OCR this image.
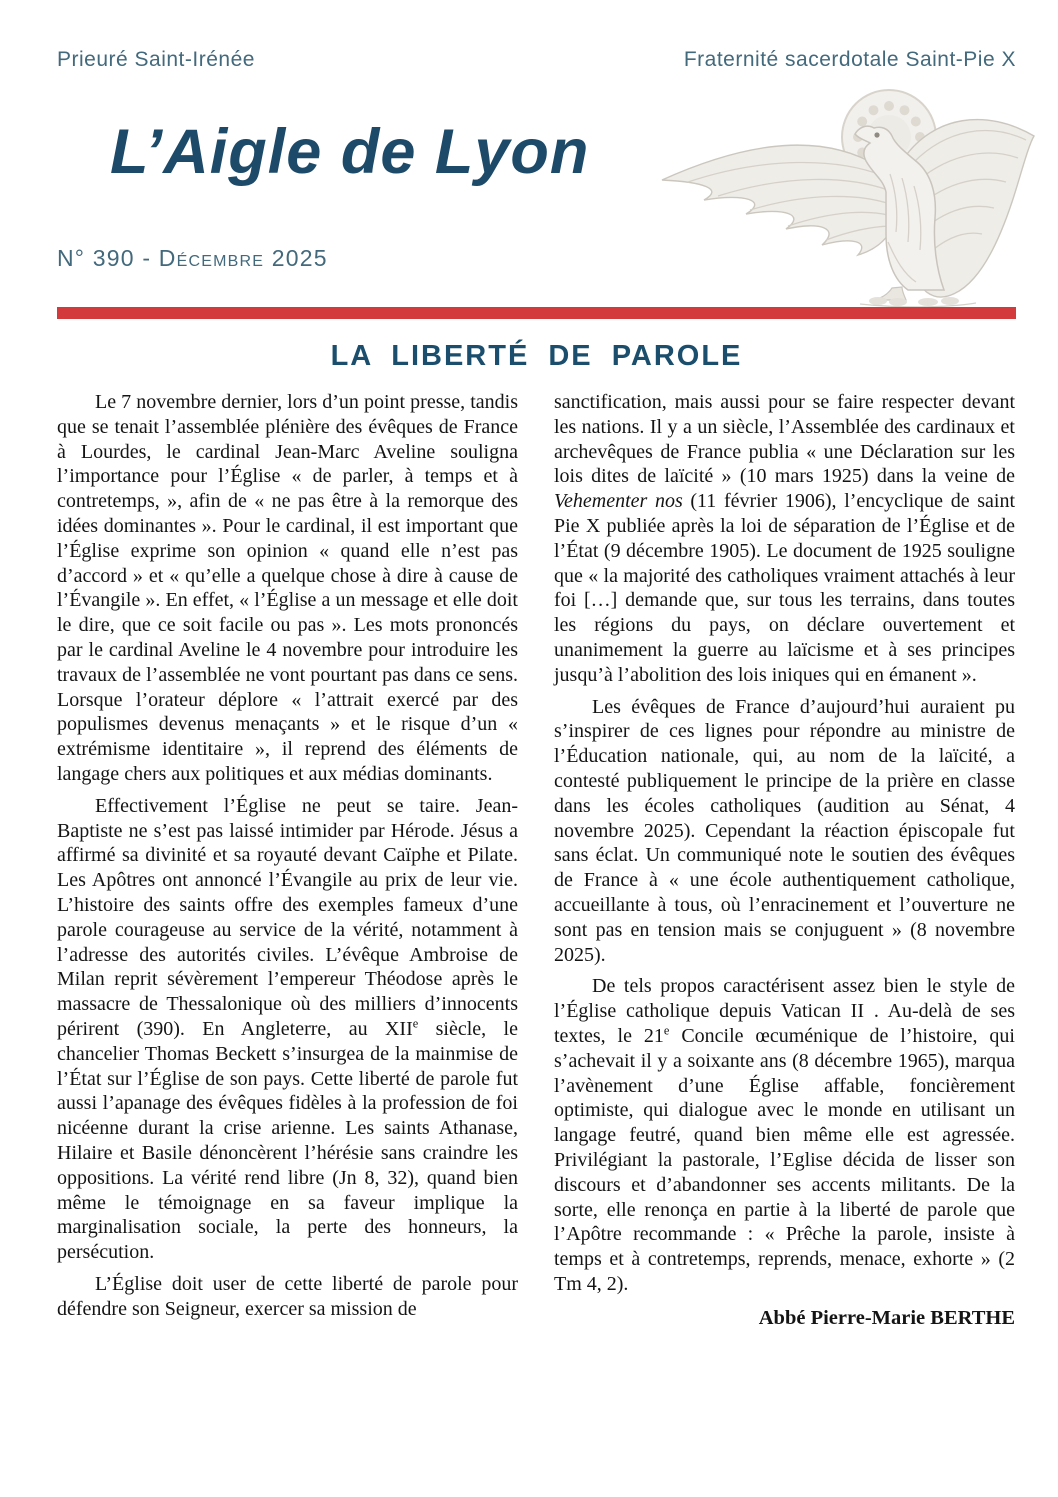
Prieuré Saint-Irénée	Fraternité sacerdotale Saint-Pie X
L’Aigle de Lyon
N° 390 - Décembre 2025
LA LIBERTÉ DE PAROLE

Le 7 novembre dernier, lors d’un point presse, tandis que se tenait l’assemblée plénière des évêques de France à Lourdes, le cardinal Jean-Marc Aveline souligna l’importance pour l’Église « de parler, à temps et à contretemps, », afin de « ne pas être à la remorque des idées dominantes ». Pour le cardinal, il est important que l’Église exprime son opinion « quand elle n’est pas d’accord » et « qu’elle a quelque chose à dire à cause de l’Évangile ». En effet, « l’Église a un message et elle doit le dire, que ce soit facile ou pas ». Les mots prononcés par le cardinal Aveline le 4 novembre pour introduire les travaux de l’assemblée ne vont pourtant pas dans ce sens. Lorsque l’orateur déplore « l’attrait exercé par des populismes devenus menaçants » et le risque d’un « extrémisme identitaire », il reprend des éléments de langage chers aux politiques et aux médias dominants.

Effectivement l’Église ne peut se taire. Jean-Baptiste ne s’est pas laissé intimider par Hérode. Jésus a affirmé sa divinité et sa royauté devant Caïphe et Pilate. Les Apôtres ont annoncé l’Évangile au prix de leur vie. L’histoire des saints offre des exemples fameux d’une parole courageuse au service de la vérité, notamment à l’adresse des autorités civiles. L’évêque Ambroise de Milan reprit sévèrement l’empereur Théodose après le massacre de Thessalonique où des milliers d’innocents périrent (390). En Angleterre, au XIIe siècle, le chancelier Thomas Beckett s’insurgea de la mainmise de l’État sur l’Église de son pays. Cette liberté de parole fut aussi l’apanage des évêques fidèles à la profession de foi nicéenne durant la crise arienne. Les saints Athanase, Hilaire et Basile dénoncèrent l’hérésie sans craindre les oppositions. La vérité rend libre (Jn 8, 32), quand bien même le témoignage en sa faveur implique la marginalisation sociale, la perte des honneurs, la persécution.

L’Église doit user de cette liberté de parole pour défendre son Seigneur, exercer sa mission de

sanctification, mais aussi pour se faire respecter devant les nations. Il y a un siècle, l’Assemblée des cardinaux et archevêques de France publia « une Déclaration sur les lois dites de laïcité » (10 mars 1925) dans la veine de Vehementer nos (11 février 1906), l’encyclique de saint Pie X publiée après la loi de séparation de l’Église et de l’État (9 décembre 1905). Le document de 1925 souligne que « la majorité des catholiques vraiment attachés à leur foi […] demande que, sur tous les terrains, dans toutes les régions du pays, on déclare ouvertement et unanimement la guerre au laïcisme et à ses principes jusqu’à l’abolition des lois iniques qui en émanent ».

Les évêques de France d’aujourd’hui auraient pu s’inspirer de ces lignes pour répondre au ministre de l’Éducation nationale, qui, au nom de la laïcité, a contesté publiquement le principe de la prière en classe dans les écoles catholiques (audition au Sénat, 4 novembre 2025). Cependant la réaction épiscopale fut sans éclat. Un communiqué note le soutien des évêques de France à « une école authentiquement catholique, accueillante à tous, où l’enracinement et l’ouverture ne sont pas en tension mais se conjuguent » (8 novembre 2025).

De tels propos caractérisent assez bien le style de l’Église catholique depuis Vatican II . Au-delà de ses textes, le 21e Concile œcuménique de l’histoire, qui s’achevait il y a soixante ans (8 décembre 1965), marqua l’avènement d’une Église affable, foncièrement optimiste, qui dialogue avec le monde en utilisant un langage feutré, quand bien même elle est agressée. Privilégiant la pastorale, l’Eglise décida de lisser son discours et d’abandonner ses accents militants. De la sorte, elle renonça en partie à la liberté de parole que l’Apôtre recommande : « Prêche la parole, insiste à temps et à contretemps, reprends, menace, exhorte » (2 Tm 4, 2).

Abbé Pierre-Marie BERTHE
